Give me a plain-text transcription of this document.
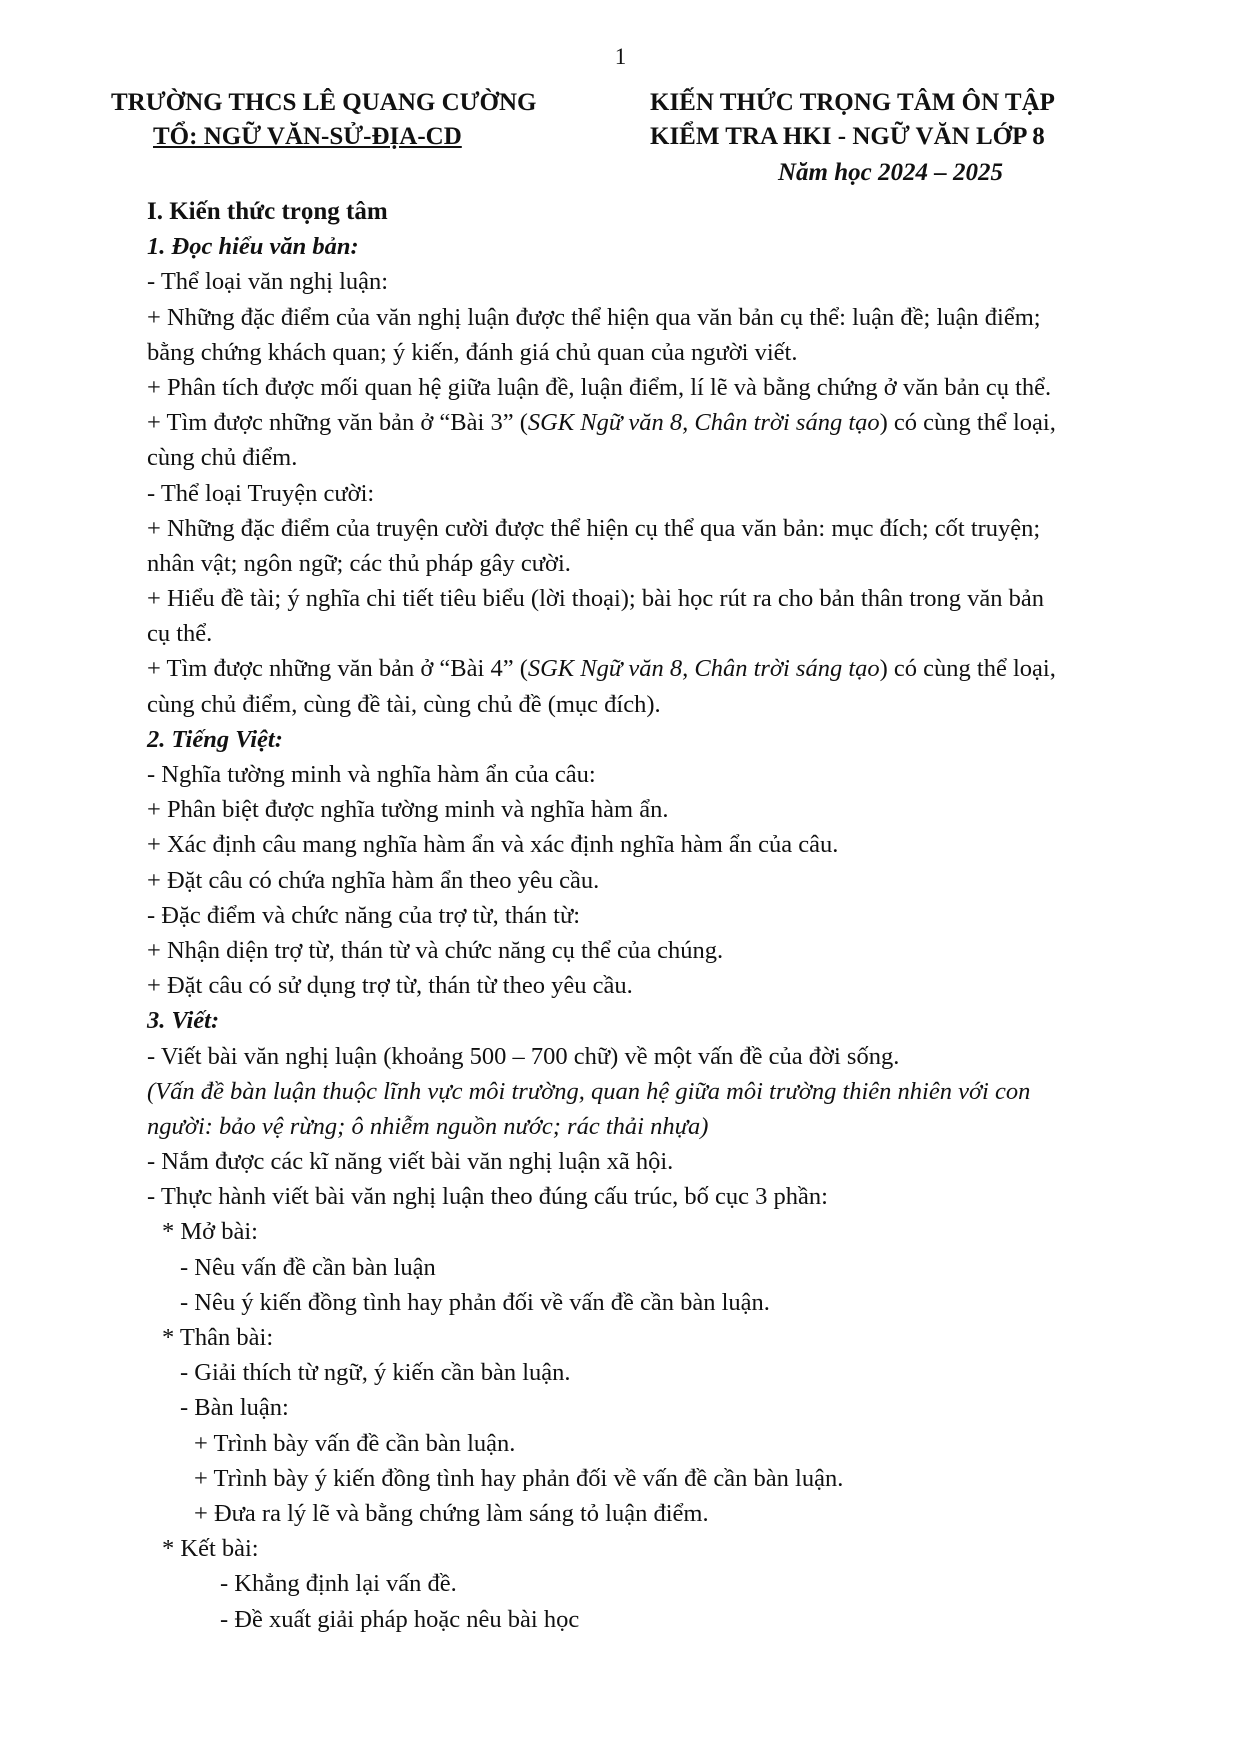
1
TRƯỜNG THCS LÊ QUANG CƯỜNG
TỔ: NGỮ VĂN-SỬ-ĐỊA-CD
KIẾN THỨC TRỌNG TÂM ÔN TẬP
KIỂM TRA HKI - NGỮ VĂN LỚP 8
Năm học 2024 – 2025
I. Kiến thức trọng tâm
1. Đọc hiểu văn bản:
- Thể loại văn nghị luận:
+ Những đặc điểm của văn nghị luận được thể hiện qua văn bản cụ thể: luận đề; luận điểm;
bằng chứng khách quan; ý kiến, đánh giá chủ quan của người viết.
+ Phân tích được mối quan hệ giữa luận đề, luận điểm, lí lẽ và bằng chứng ở văn bản cụ thể.
+ Tìm được những văn bản ở “Bài 3” (SGK Ngữ văn 8, Chân trời sáng tạo) có cùng thể loại,
cùng chủ điểm.
- Thể loại Truyện cười:
+ Những đặc điểm của truyện cười được thể hiện cụ thể qua văn bản: mục đích; cốt truyện;
nhân vật; ngôn ngữ; các thủ pháp gây cười.
+ Hiểu đề tài; ý nghĩa chi tiết tiêu biểu (lời thoại); bài học rút ra cho bản thân trong văn bản
cụ thể.
+ Tìm được những văn bản ở “Bài 4” (SGK Ngữ văn 8, Chân trời sáng tạo) có cùng thể loại,
cùng chủ điểm, cùng đề tài, cùng chủ đề (mục đích).
2. Tiếng Việt:
- Nghĩa tường minh và nghĩa hàm ẩn của câu:
+ Phân biệt được nghĩa tường minh và nghĩa hàm ẩn.
+ Xác định câu mang nghĩa hàm ẩn và xác định nghĩa hàm ẩn của câu.
+ Đặt câu có chứa nghĩa hàm ẩn theo yêu cầu.
- Đặc điểm và chức năng của trợ từ, thán từ:
+ Nhận diện trợ từ, thán từ và chức năng cụ thể của chúng.
+ Đặt câu có sử dụng trợ từ, thán từ theo yêu cầu.
3. Viết:
- Viết bài văn nghị luận (khoảng 500 – 700 chữ) về một vấn đề của đời sống.
(Vấn đề bàn luận thuộc lĩnh vực môi trường, quan hệ giữa môi trường thiên nhiên với con
người: bảo vệ rừng; ô nhiễm nguồn nước; rác thải nhựa)
- Nắm được các kĩ năng viết bài văn nghị luận xã hội.
- Thực hành viết bài văn nghị luận theo đúng cấu trúc, bố cục 3 phần:
* Mở bài:
- Nêu vấn đề cần bàn luận
- Nêu ý kiến đồng tình hay phản đối về vấn đề cần bàn luận.
* Thân bài:
- Giải thích từ ngữ, ý kiến cần bàn luận.
- Bàn luận:
+ Trình bày vấn đề cần bàn luận.
+ Trình bày ý kiến đồng tình hay phản đối về vấn đề cần bàn luận.
+ Đưa ra lý lẽ và bằng chứng làm sáng tỏ luận điểm.
* Kết bài:
- Khẳng định lại vấn đề.
- Đề xuất giải pháp hoặc nêu bài học
